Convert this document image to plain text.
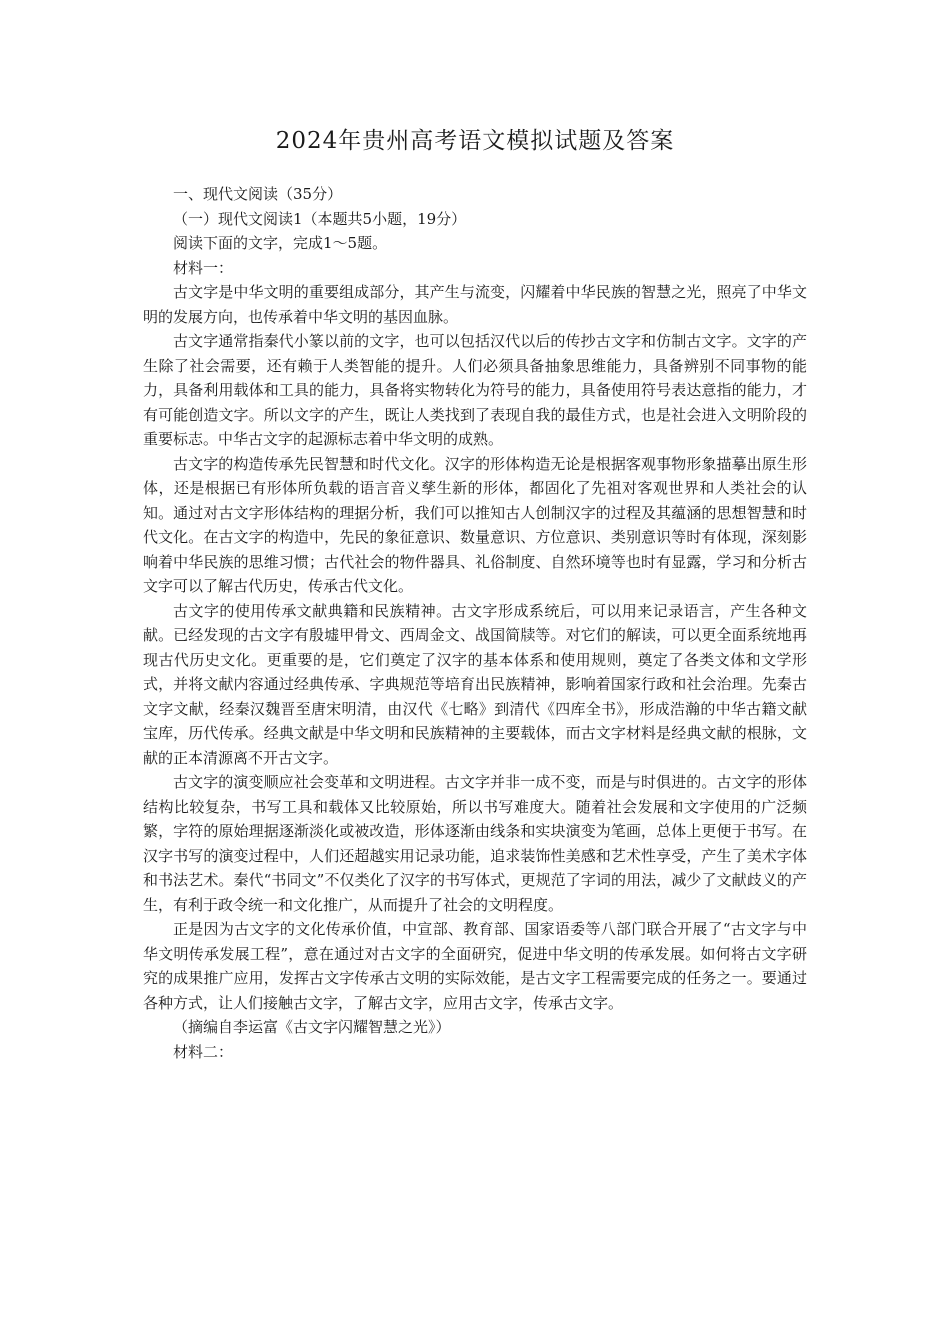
2024年贵州高考语文模拟试题及答案

一、现代文阅读（35分）

（一）现代文阅读1（本题共5小题，19分）

阅读下面的文字，完成1～5题。

材料一：

古文字是中华文明的重要组成部分，其产生与流变，闪耀着中华民族的智慧之光，照亮了中华文明的发展方向，也传承着中华文明的基因血脉。

古文字通常指秦代小篆以前的文字，也可以包括汉代以后的传抄古文字和仿制古文字。文字的产生除了社会需要，还有赖于人类智能的提升。人们必须具备抽象思维能力，具备辨别不同事物的能力，具备利用载体和工具的能力，具备将实物转化为符号的能力，具备使用符号表达意指的能力，才有可能创造文字。所以文字的产生，既让人类找到了表现自我的最佳方式，也是社会进入文明阶段的重要标志。中华古文字的起源标志着中华文明的成熟。

古文字的构造传承先民智慧和时代文化。汉字的形体构造无论是根据客观事物形象描摹出原生形体，还是根据已有形体所负载的语言音义孳生新的形体，都固化了先祖对客观世界和人类社会的认知。通过对古文字形体结构的理据分析，我们可以推知古人创制汉字的过程及其蕴涵的思想智慧和时代文化。在古文字的构造中，先民的象征意识、数量意识、方位意识、类别意识等时有体现，深刻影响着中华民族的思维习惯；古代社会的物件器具、礼俗制度、自然环境等也时有显露，学习和分析古文字可以了解古代历史，传承古代文化。

古文字的使用传承文献典籍和民族精神。古文字形成系统后，可以用来记录语言，产生各种文献。已经发现的古文字有殷墟甲骨文、西周金文、战国简牍等。对它们的解读，可以更全面系统地再现古代历史文化。更重要的是，它们奠定了汉字的基本体系和使用规则，奠定了各类文体和文学形式，并将文献内容通过经典传承、字典规范等培育出民族精神，影响着国家行政和社会治理。先秦古文字文献，经秦汉魏晋至唐宋明清，由汉代《七略》到清代《四库全书》，形成浩瀚的中华古籍文献宝库，历代传承。经典文献是中华文明和民族精神的主要载体，而古文字材料是经典文献的根脉，文献的正本清源离不开古文字。

古文字的演变顺应社会变革和文明进程。古文字并非一成不变，而是与时俱进的。古文字的形体结构比较复杂，书写工具和载体又比较原始，所以书写难度大。随着社会发展和文字使用的广泛频繁，字符的原始理据逐渐淡化或被改造，形体逐渐由线条和实块演变为笔画，总体上更便于书写。在汉字书写的演变过程中，人们还超越实用记录功能，追求装饰性美感和艺术性享受，产生了美术字体和书法艺术。秦代“书同文”不仅类化了汉字的书写体式，更规范了字词的用法，减少了文献歧义的产生，有利于政令统一和文化推广，从而提升了社会的文明程度。

正是因为古文字的文化传承价值，中宣部、教育部、国家语委等八部门联合开展了“古文字与中华文明传承发展工程”，意在通过对古文字的全面研究，促进中华文明的传承发展。如何将古文字研究的成果推广应用，发挥古文字传承古文明的实际效能，是古文字工程需要完成的任务之一。要通过各种方式，让人们接触古文字，了解古文字，应用古文字，传承古文字。

（摘编自李运富《古文字闪耀智慧之光》）

材料二：
